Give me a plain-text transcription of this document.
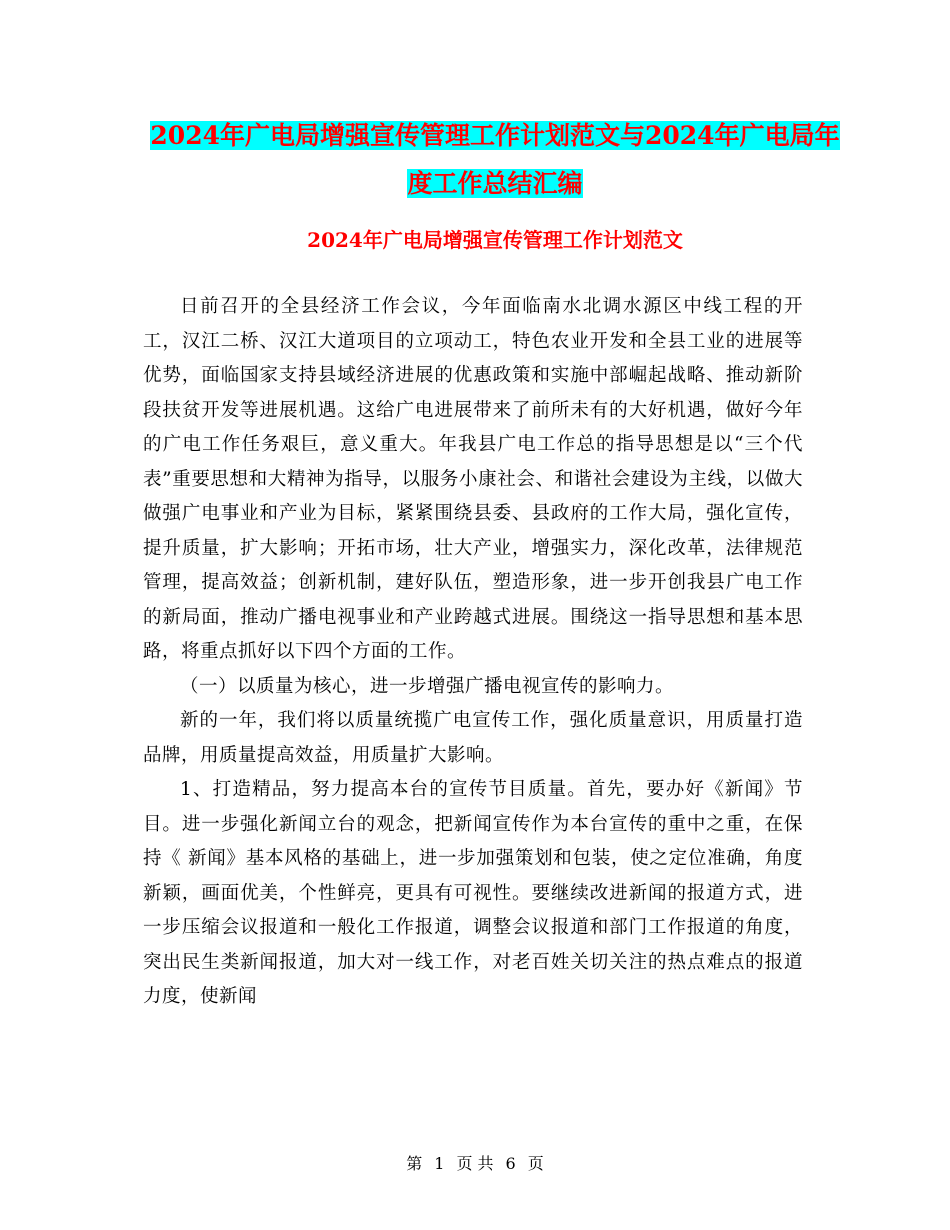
2024年广电局增强宣传管理工作计划范文与2024年广电局年度工作总结汇编
2024年广电局增强宣传管理工作计划范文

日前召开的全县经济工作会议，今年面临南水北调水源区中线工程的开工，汉江二桥、汉江大道项目的立项动工，特色农业开发和全县工业的进展等优势，面临国家支持县域经济进展的优惠政策和实施中部崛起战略、推动新阶段扶贫开发等进展机遇。这给广电进展带来了前所未有的大好机遇，做好今年的广电工作任务艰巨，意义重大。年我县广电工作总的指导思想是以“三个代表”重要思想和大精神为指导，以服务小康社会、和谐社会建设为主线，以做大做强广电事业和产业为目标，紧紧围绕县委、县政府的工作大局，强化宣传，提升质量，扩大影响；开拓市场，壮大产业，增强实力，深化改革，法律规范管理，提高效益；创新机制，建好队伍，塑造形象，进一步开创我县广电工作的新局面，推动广播电视事业和产业跨越式进展。围绕这一指导思想和基本思路，将重点抓好以下四个方面的工作。

（一）以质量为核心，进一步增强广播电视宣传的影响力。

新的一年，我们将以质量统揽广电宣传工作，强化质量意识，用质量打造品牌，用质量提高效益，用质量扩大影响。

1、打造精品，努力提高本台的宣传节目质量。首先，要办好《新闻》节目。进一步强化新闻立台的观念，把新闻宣传作为本台宣传的重中之重，在保持《 新闻》基本风格的基础上，进一步加强策划和包装，使之定位准确，角度新颖，画面优美，个性鲜亮，更具有可视性。要继续改进新闻的报道方式，进一步压缩会议报道和一般化工作报道，调整会议报道和部门工作报道的角度，突出民生类新闻报道，加大对一线工作，对老百姓关切关注的热点难点的报道力度，使新闻

第 1 页 共 6 页
